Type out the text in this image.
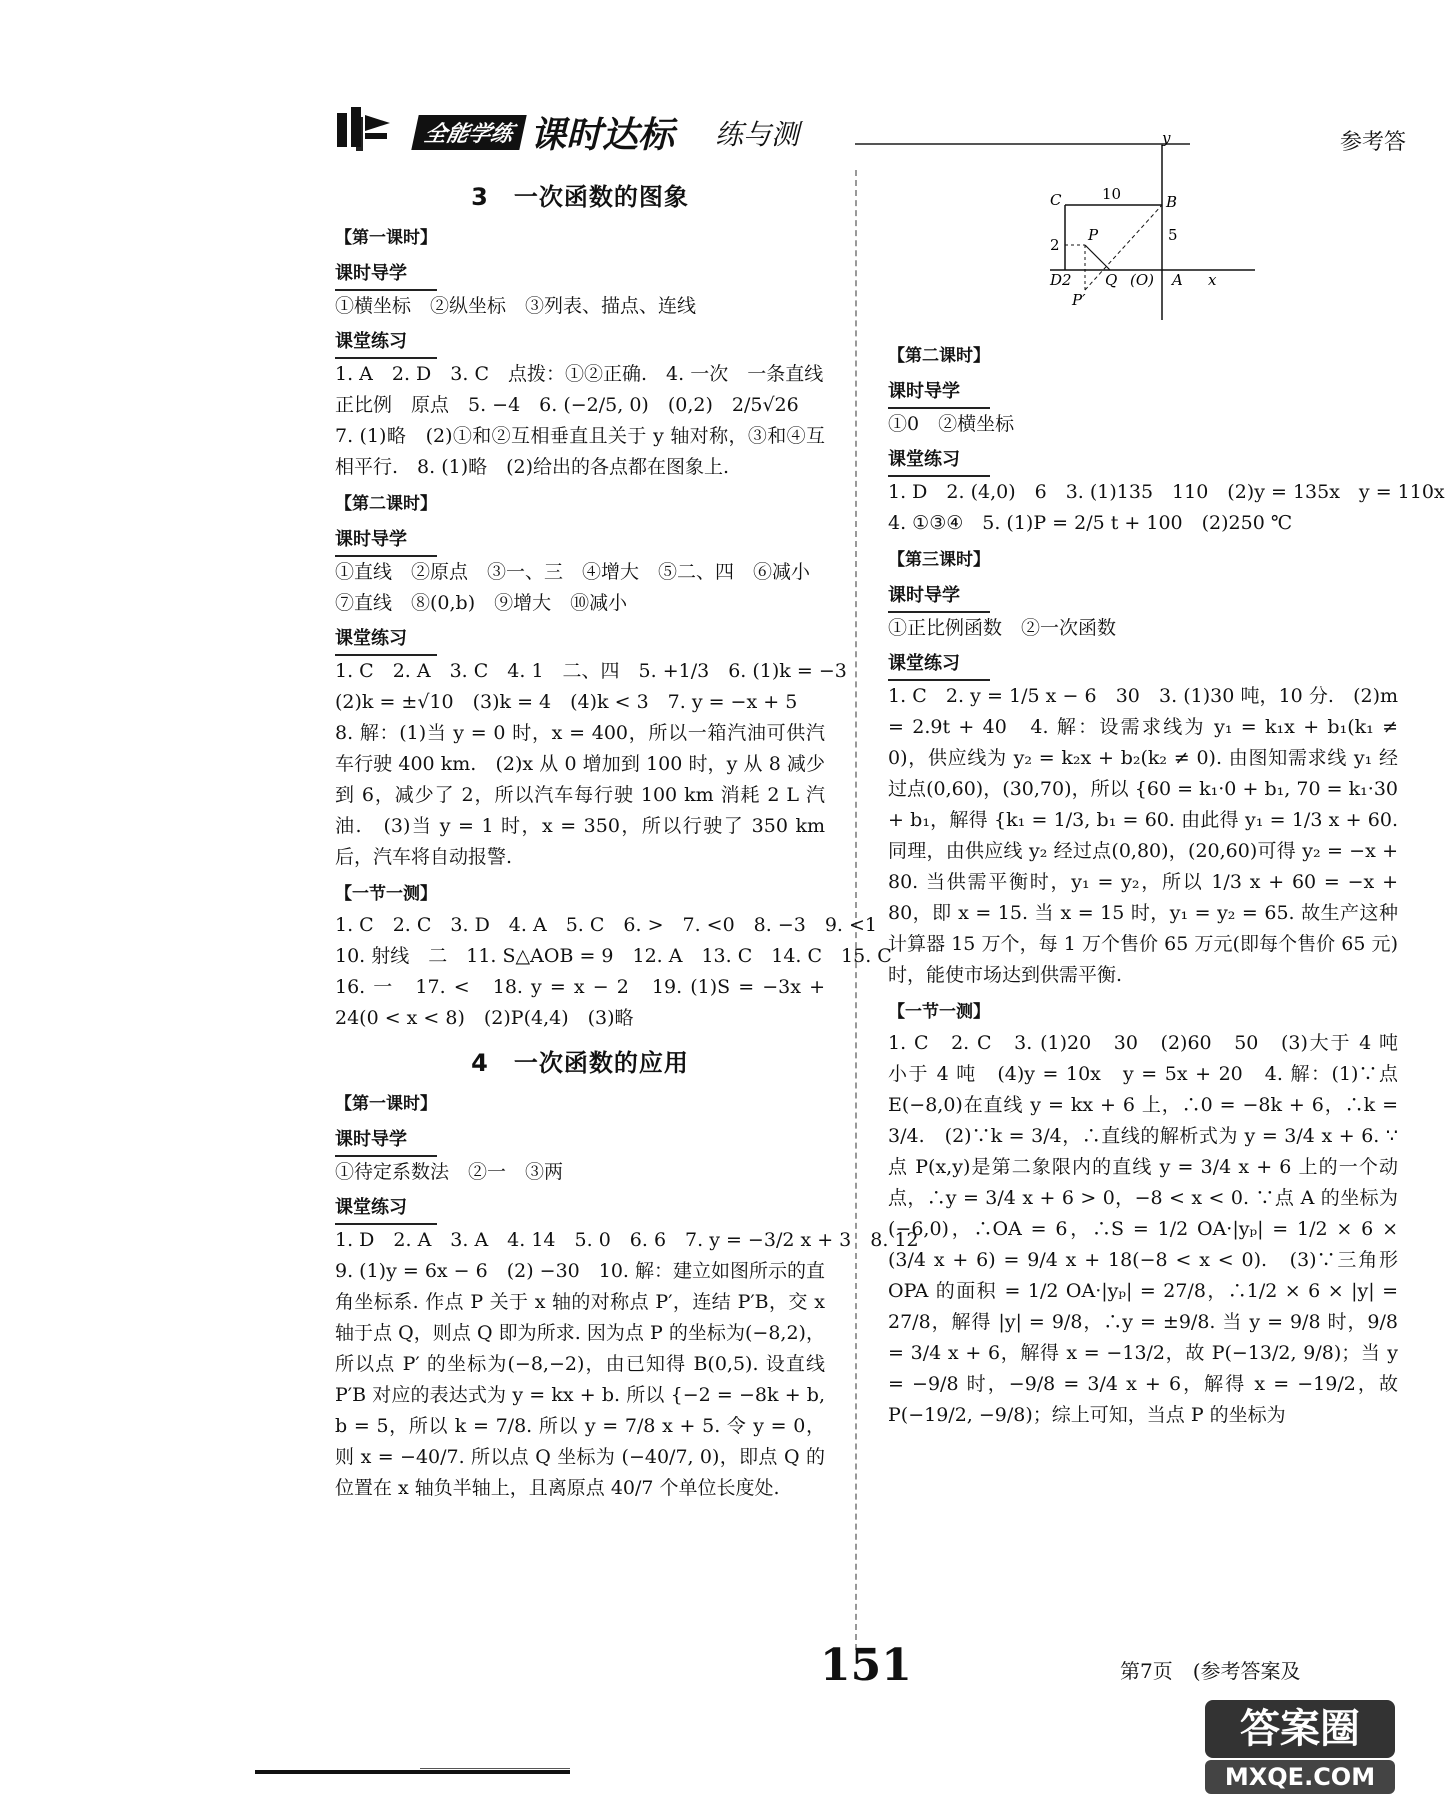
全能学练 课时达标 练与测	参考答
3　一次函数的图象
【第一课时】
课时导学
①横坐标　②纵坐标　③列表、描点、连线
课堂练习
1. A　2. D　3. C　点拨：①②正确.　4. 一次　一条直线
正比例　原点　5. −4　6. (−2/5, 0)　(0,2)　2/5√26
7. (1)略　(2)①和②互相垂直且关于 y 轴对称，③和④互相平行.　8. (1)略　(2)给出的各点都在图象上.
【第二课时】
课时导学
①直线　②原点　③一、三　④增大　⑤二、四　⑥减小
⑦直线　⑧(0,b)　⑨增大　⑩减小
课堂练习
1. C　2. A　3. C　4. 1　二、四　5. +1/3　6. (1)k = −3
(2)k = ±√10　(3)k = 4　(4)k < 3　7. y = −x + 5
8. 解：(1)当 y = 0 时，x = 400，所以一箱汽油可供汽车行驶 400 km.　(2)x 从 0 增加到 100 时，y 从 8 减少到 6，减少了 2，所以汽车每行驶 100 km 消耗 2 L 汽油.　(3)当 y = 1 时，x = 350，所以行驶了 350 km 后，汽车将自动报警.
【一节一测】
1. C　2. C　3. D　4. A　5. C　6. >　7. <0　8. −3　9. <1
10. 射线　二　11. S△AOB = 9　12. A　13. C　14. C　15. C
16. 一　17. <　18. y = x − 2　19. (1)S = −3x + 24(0 < x < 8)　(2)P(4,4)　(3)略
4　一次函数的应用
【第一课时】
课时导学
①待定系数法　②一　③两
课堂练习
1. D　2. A　3. A　4. 14　5. 0　6. 6　7. y = −3/2 x + 3　8. 12
9. (1)y = 6x − 6　(2) −30　10. 解：建立如图所示的直角坐标系. 作点 P 关于 x 轴的对称点 P′，连结 P′B，交 x 轴于点 Q，则点 Q 即为所求. 因为点 P 的坐标为(−8,2)，所以点 P′ 的坐标为(−8,−2)，由已知得 B(0,5). 设直线 P′B 对应的表达式为 y = kx + b. 所以 {−2 = −8k + b, b = 5，所以 k = 7/8. 所以 y = 7/8 x + 5. 令 y = 0，则 x = −40/7. 所以点 Q 坐标为 (−40/7, 0)，即点 Q 的位置在 x 轴负半轴上，且离原点 40/7 个单位长度处.
y
C	10	B
P	5
2
D2 Q (O) A x
P′
【第二课时】
课时导学
①0　②横坐标
课堂练习
1. D　2. (4,0)　6　3. (1)135　110　(2)y = 135x　y = 110x
4. ①③④　5. (1)P = 2/5 t + 100　(2)250 ℃
【第三课时】
课时导学
①正比例函数　②一次函数
课堂练习
1. C　2. y = 1/5 x − 6　30　3. (1)30 吨，10 分.　(2)m = 2.9t + 40　4. 解：设需求线为 y₁ = k₁x + b₁(k₁ ≠ 0)，供应线为 y₂ = k₂x + b₂(k₂ ≠ 0). 由图知需求线 y₁ 经过点(0,60)，(30,70)，所以 {60 = k₁·0 + b₁, 70 = k₁·30 + b₁，解得 {k₁ = 1/3, b₁ = 60. 由此得 y₁ = 1/3 x + 60. 同理，由供应线 y₂ 经过点(0,80)，(20,60)可得 y₂ = −x + 80. 当供需平衡时，y₁ = y₂，所以 1/3 x + 60 = −x + 80，即 x = 15. 当 x = 15 时，y₁ = y₂ = 65. 故生产这种计算器 15 万个，每 1 万个售价 65 万元(即每个售价 65 元)时，能使市场达到供需平衡.
【一节一测】
1. C　2. C　3. (1)20　30　(2)60　50　(3)大于 4 吨　小于 4 吨　(4)y = 10x　y = 5x + 20　4. 解：(1)∵点 E(−8,0)在直线 y = kx + 6 上，∴0 = −8k + 6，∴k = 3/4.　(2)∵k = 3/4，∴直线的解析式为 y = 3/4 x + 6. ∵点 P(x,y)是第二象限内的直线 y = 3/4 x + 6 上的一个动点，∴y = 3/4 x + 6 > 0，−8 < x < 0. ∵点 A 的坐标为(−6,0)，∴OA = 6，∴S = 1/2 OA·|yₚ| = 1/2 × 6 × (3/4 x + 6) = 9/4 x + 18(−8 < x < 0).　(3)∵三角形 OPA 的面积 = 1/2 OA·|yₚ| = 27/8，∴1/2 × 6 × |y| = 27/8，解得 |y| = 9/8，∴y = ±9/8. 当 y = 9/8 时，9/8 = 3/4 x + 6，解得 x = −13/2，故 P(−13/2, 9/8)；当 y = −9/8 时，−9/8 = 3/4 x + 6，解得 x = −19/2，故 P(−19/2, −9/8)；综上可知，当点 P 的坐标为
151	第7页　(参考答案及
答案圈
MXQE.COM
